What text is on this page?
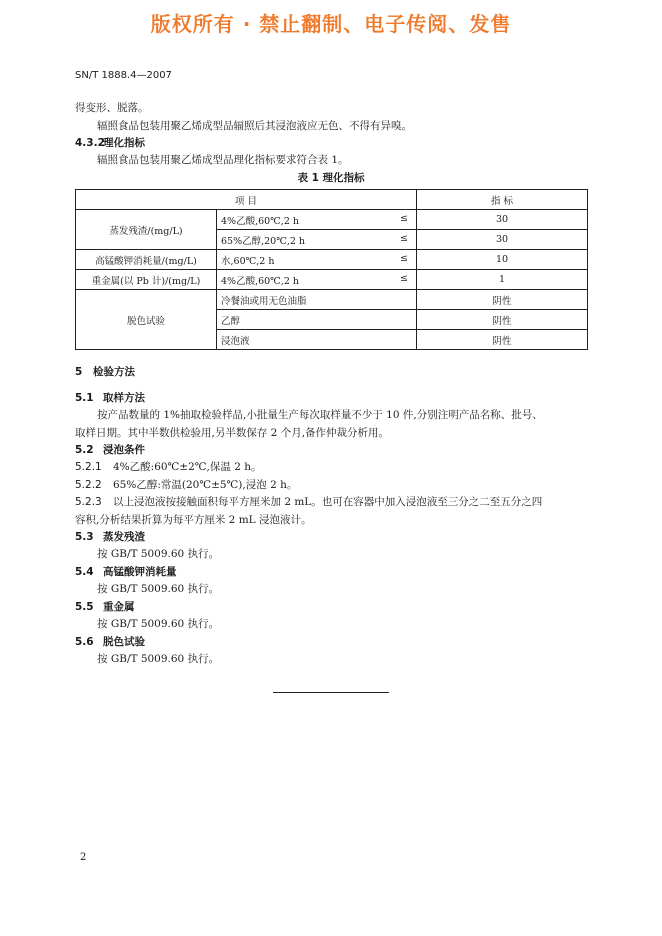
版权所有 · 禁止翻制、电子传阅、发售
SN/T 1888.4—2007
得变形、脱落。
辐照食品包装用聚乙烯成型品辐照后其浸泡液应无色、不得有异嗅。
4.3.2理化指标
辐照食品包装用聚乙烯成型品理化指标要求符合表 1。
表 1 理化指标
项 目		指 标
蒸发残渣/(mg/L)	4%乙酸,60℃,2 h ≤	30
	65%乙醇,20℃,2 h ≤	30
高锰酸钾消耗量/(mg/L)	水,60℃,2 h ≤	10
重金属(以 Pb 计)/(mg/L)	4%乙酸,60℃,2 h ≤	1
脱色试验	冷餐油或用无色油脂	阴性
	乙醇	阴性
	浸泡液	阴性
5 检验方法
5.1 取样方法
按产品数量的 1%抽取检验样品,小批量生产每次取样量不少于 10 件,分别注明产品名称、批号、
取样日期。其中半数供检验用,另半数保存 2 个月,备作仲裁分析用。
5.2 浸泡条件
5.2.1 4%乙酸:60℃±2℃,保温 2 h。
5.2.2 65%乙醇:常温(20℃±5℃),浸泡 2 h。
5.2.3 以上浸泡液按接触面积每平方厘米加 2 mL。也可在容器中加入浸泡液至三分之二至五分之四
容积,分析结果折算为每平方厘米 2 mL 浸泡液计。
5.3 蒸发残渣
按 GB/T 5009.60 执行。
5.4 高锰酸钾消耗量
按 GB/T 5009.60 执行。
5.5 重金属
按 GB/T 5009.60 执行。
5.6 脱色试验
按 GB/T 5009.60 执行。
2
